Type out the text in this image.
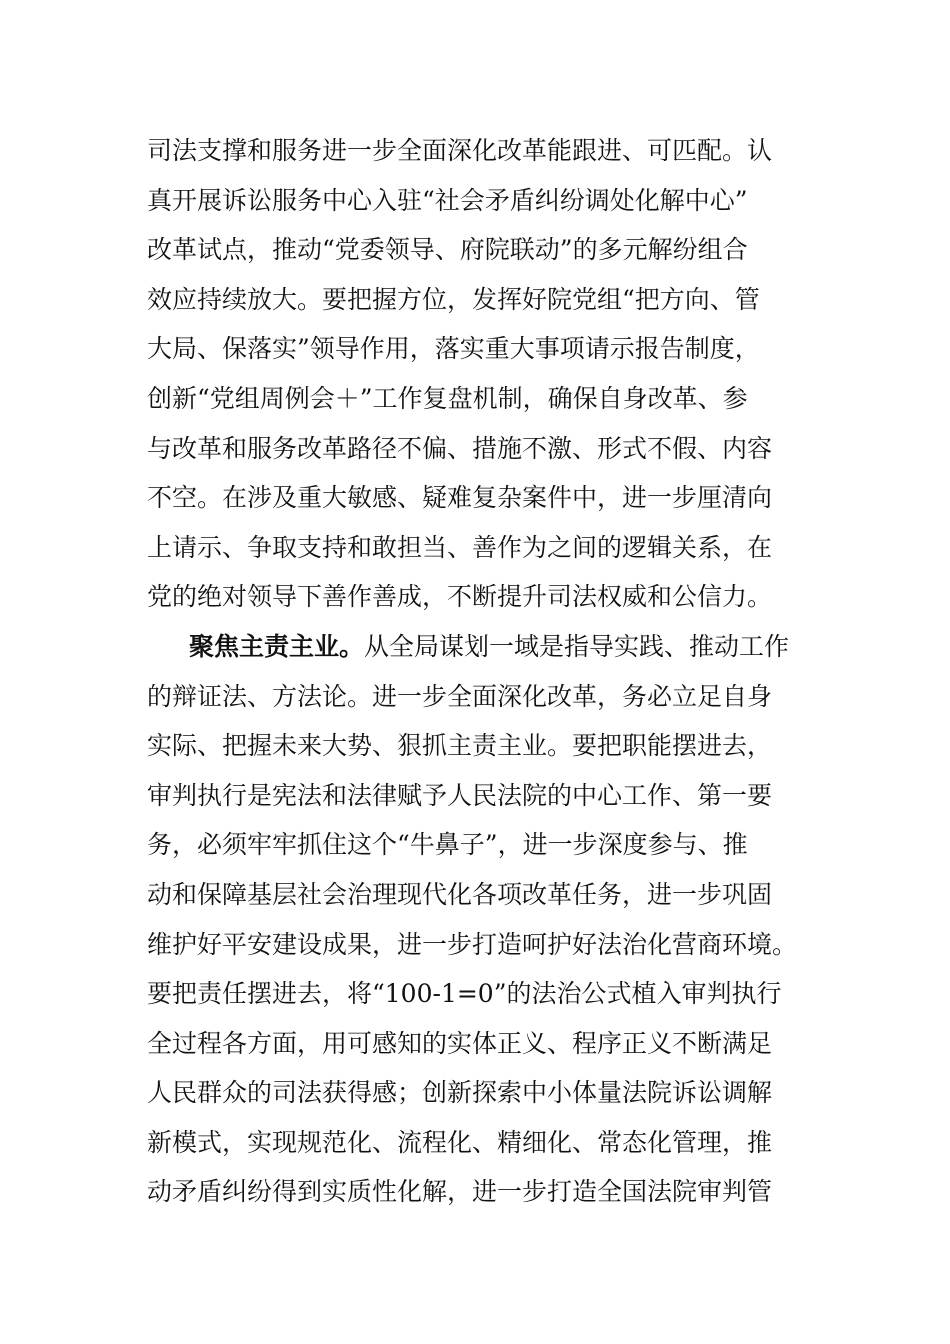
司法支撑和服务进一步全面深化改革能跟进、可匹配。认
真开展诉讼服务中心入驻“社会矛盾纠纷调处化解中心”
改革试点，推动“党委领导、府院联动”的多元解纷组合
效应持续放大。要把握方位，发挥好院党组“把方向、管
大局、保落实”领导作用，落实重大事项请示报告制度，
创新“党组周例会＋”工作复盘机制，确保自身改革、参
与改革和服务改革路径不偏、措施不激、形式不假、内容
不空。在涉及重大敏感、疑难复杂案件中，进一步厘清向
上请示、争取支持和敢担当、善作为之间的逻辑关系，在
党的绝对领导下善作善成，不断提升司法权威和公信力。
聚焦主责主业。从全局谋划一域是指导实践、推动工作
的辩证法、方法论。进一步全面深化改革，务必立足自身
实际、把握未来大势、狠抓主责主业。要把职能摆进去，
审判执行是宪法和法律赋予人民法院的中心工作、第一要
务，必须牢牢抓住这个“牛鼻子”，进一步深度参与、推
动和保障基层社会治理现代化各项改革任务，进一步巩固
维护好平安建设成果，进一步打造呵护好法治化营商环境。
要把责任摆进去，将“100-1=0”的法治公式植入审判执行
全过程各方面，用可感知的实体正义、程序正义不断满足
人民群众的司法获得感；创新探索中小体量法院诉讼调解
新模式，实现规范化、流程化、精细化、常态化管理，推
动矛盾纠纷得到实质性化解，进一步打造全国法院审判管
